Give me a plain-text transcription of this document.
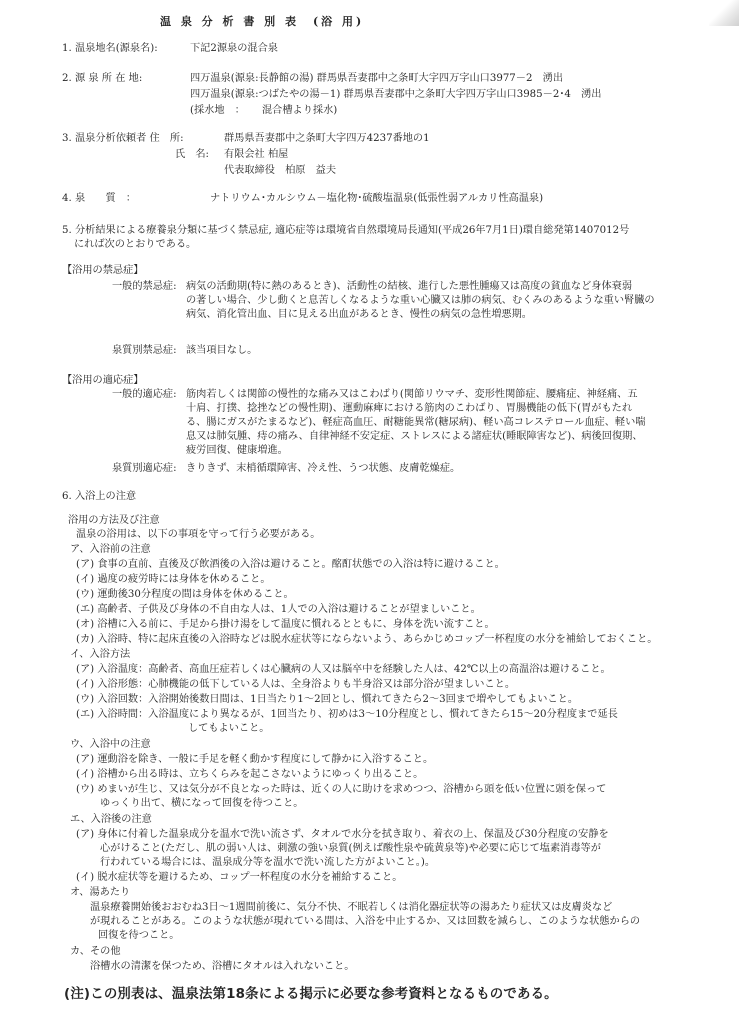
温 泉 分 析 書 別 表　(浴 用)
1. 温泉地名(源泉名):	下記2源泉の混合泉
2. 源 泉 所 在 地:	四万温泉(源泉:長静館の湯) 群馬県吾妻郡中之条町大字四万字山口3977－2　湧出
四万温泉(源泉:つばたやの湯－1) 群馬県吾妻郡中之条町大字四万字山口3985－2･4　湧出
(採水地　： 混合槽より採水)
3. 温泉分析依頼者 住　所:	群馬県吾妻郡中之条町大字四万4237番地の1
氏　名: 有限会社 柏屋
代表取締役　柏原　益夫
4. 泉　　質　：	ナトリウム･カルシウム－塩化物･硫酸塩温泉(低張性弱アルカリ性高温泉)
5. 分析結果による療養泉分類に基づく禁忌症, 適応症等は環境省自然環境局長通知(平成26年7月1日)環自総発第1407012号
にれば次のとおりである。
【浴用の禁忌症】
一般的禁忌症: 病気の活動期(特に熱のあるとき)、活動性の結核、進行した悪性腫瘍又は高度の貧血など身体衰弱
の著しい場合、少し動くと息苦しくなるような重い心臓又は肺の病気、むくみのあるような重い腎臓の
病気、消化管出血、目に見える出血があるとき、慢性の病気の急性増悪期。
泉質別禁忌症: 該当項目なし。
【浴用の適応症】
一般的適応症: 筋肉若しくは関節の慢性的な痛み又はこわばり(関節リウマチ、変形性関節症、腰痛症、神経痛、五
十肩、打撲、捻挫などの慢性期)、運動麻痺における筋肉のこわばり、胃腸機能の低下(胃がもたれ
る、腸にガスがたまるなど)、軽症高血圧、耐糖能異常(糖尿病)、軽い高コレステロール血症、軽い喘
息又は肺気腫、痔の痛み、自律神経不安定症、ストレスによる諸症状(睡眠障害など)、病後回復期、
疲労回復、健康増進。
泉質別適応症: きりきず、末梢循環障害、冷え性、うつ状態、皮膚乾燥症。
6. 入浴上の注意
浴用の方法及び注意
温泉の浴用は、以下の事項を守って行う必要がある。
ア、入浴前の注意
(ア) 食事の直前、直後及び飲酒後の入浴は避けること。酩酊状態での入浴は特に避けること。
(イ) 過度の疲労時には身体を休めること。
(ウ) 運動後30分程度の間は身体を休めること。
(エ) 高齢者、子供及び身体の不自由な人は、1人での入浴は避けることが望ましいこと。
(オ) 浴槽に入る前に、手足から掛け湯をして温度に慣れるとともに、身体を洗い流すこと。
(カ) 入浴時、特に起床直後の入浴時などは脱水症状等にならないよう、あらかじめコップ一杯程度の水分を補給しておくこと。
イ、入浴方法
(ア) 入浴温度：高齢者、高血圧症若しくは心臓病の人又は脳卒中を経験した人は、42℃以上の高温浴は避けること。
(イ) 入浴形態：心肺機能の低下している人は、全身浴よりも半身浴又は部分浴が望ましいこと。
(ウ) 入浴回数：入浴開始後数日間は、1日当たり1～2回とし、慣れてきたら2～3回まで増やしてもよいこと。
(エ) 入浴時間：入浴温度により異なるが、1回当たり、初めは3～10分程度とし、慣れてきたら15～20分程度まで延長
してもよいこと。
ウ、入浴中の注意
(ア) 運動浴を除き、一般に手足を軽く動かす程度にして静かに入浴すること。
(イ) 浴槽から出る時は、立ちくらみを起こさないようにゆっくり出ること。
(ウ) めまいが生じ、又は気分が不良となった時は、近くの人に助けを求めつつ、浴槽から頭を低い位置に頭を保って
ゆっくり出て、横になって回復を待つこと。
エ、入浴後の注意
(ア) 身体に付着した温泉成分を温水で洗い流さず、タオルで水分を拭き取り、着衣の上、保温及び30分程度の安静を
心がけること(ただし、肌の弱い人は、刺激の強い泉質(例えば酸性泉や硫黄泉等)や必要に応じて塩素消毒等が
行われている場合には、温泉成分等を温水で洗い流した方がよいこと。)。
(イ) 脱水症状等を避けるため、コップ一杯程度の水分を補給すること。
オ、湯あたり
温泉療養開始後おおむね3日～1週間前後に、気分不快、不眠若しくは消化器症状等の湯あたり症状又は皮膚炎など
が現れることがある。このような状態が現れている間は、入浴を中止するか、又は回数を減らし、このような状態からの
回復を待つこと。
カ、その他
浴槽水の清潔を保つため、浴槽にタオルは入れないこと。
(注)この別表は、温泉法第18条による掲示に必要な参考資料となるものである。
